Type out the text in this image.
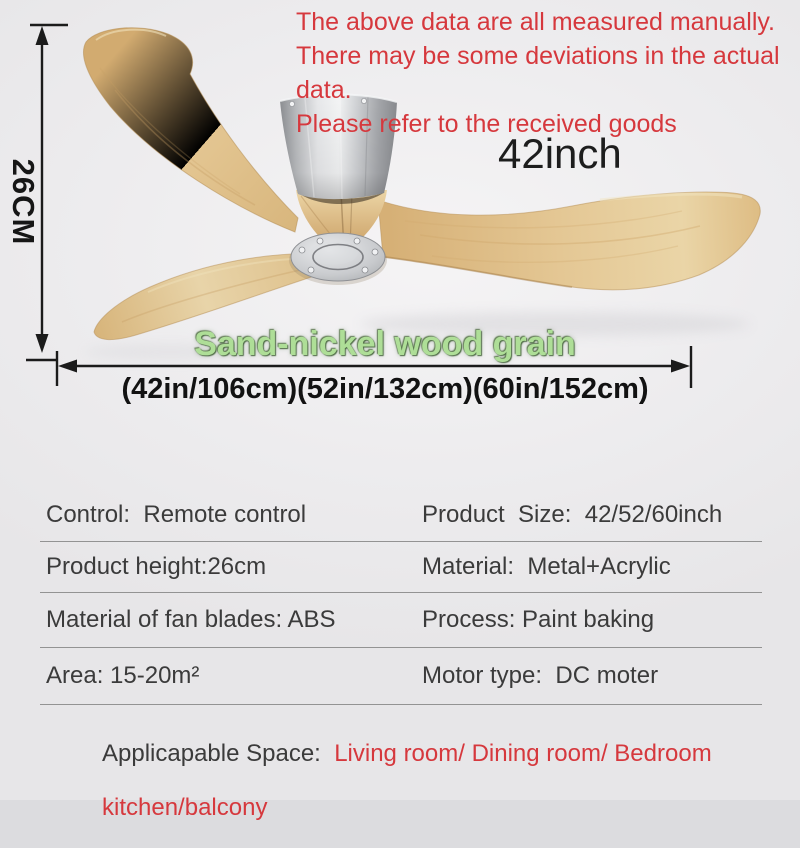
The above data are all measured manually.
There may be some deviations in the actual data.
Please refer to the received goods
42inch
26CM
Sand-nickel wood grain
(42in/106cm)(52in/132cm)(60in/152cm)
Control:  Remote control	Product  Size:  42/52/60inch
Product height:26cm	Material:  Metal+Acrylic
Material of fan blades: ABS	Process: Paint baking
Area: 15-20m²	Motor type:  DC moter

Applicapable Space:  Living room/ Dining room/ Bedroom

kitchen/balcony
